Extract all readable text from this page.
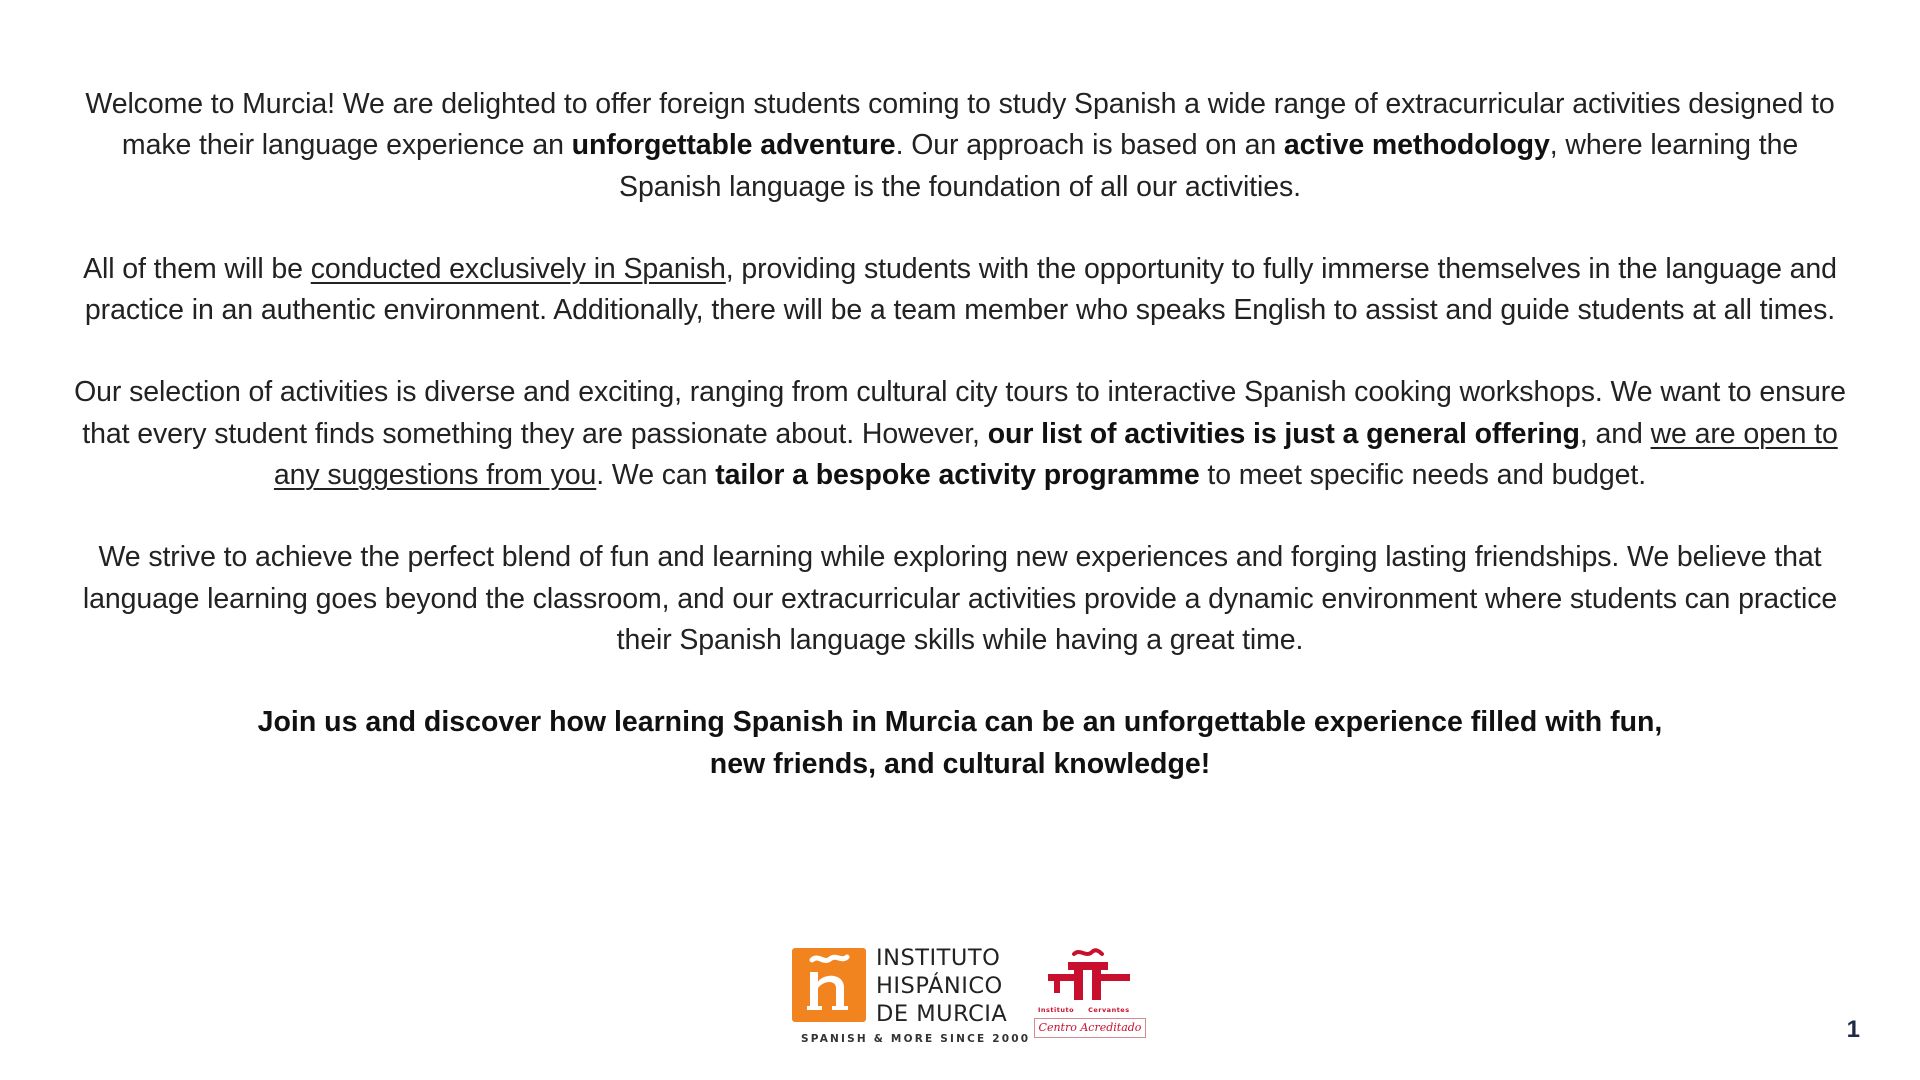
Welcome to Murcia! We are delighted to offer foreign students coming to study Spanish a wide range of extracurricular activities designed to make their language experience an unforgettable adventure. Our approach is based on an active methodology, where learning the Spanish language is the foundation of all our activities.

All of them will be conducted exclusively in Spanish, providing students with the opportunity to fully immerse themselves in the language and practice in an authentic environment. Additionally, there will be a team member who speaks English to assist and guide students at all times.

Our selection of activities is diverse and exciting, ranging from cultural city tours to interactive Spanish cooking workshops. We want to ensure that every student finds something they are passionate about. However, our list of activities is just a general offering, and we are open to any suggestions from you. We can tailor a bespoke activity programme to meet specific needs and budget.

We strive to achieve the perfect blend of fun and learning while exploring new experiences and forging lasting friendships. We believe that language learning goes beyond the classroom, and our extracurricular activities provide a dynamic environment where students can practice their Spanish language skills while having a great time.

Join us and discover how learning Spanish in Murcia can be an unforgettable experience filled with fun,
new friends, and cultural knowledge!

INSTITUTO
HISPÁNICO
DE MURCIA
SPANISH & MORE SINCE 2000
Instituto Cervantes
Centro Acreditado	1
